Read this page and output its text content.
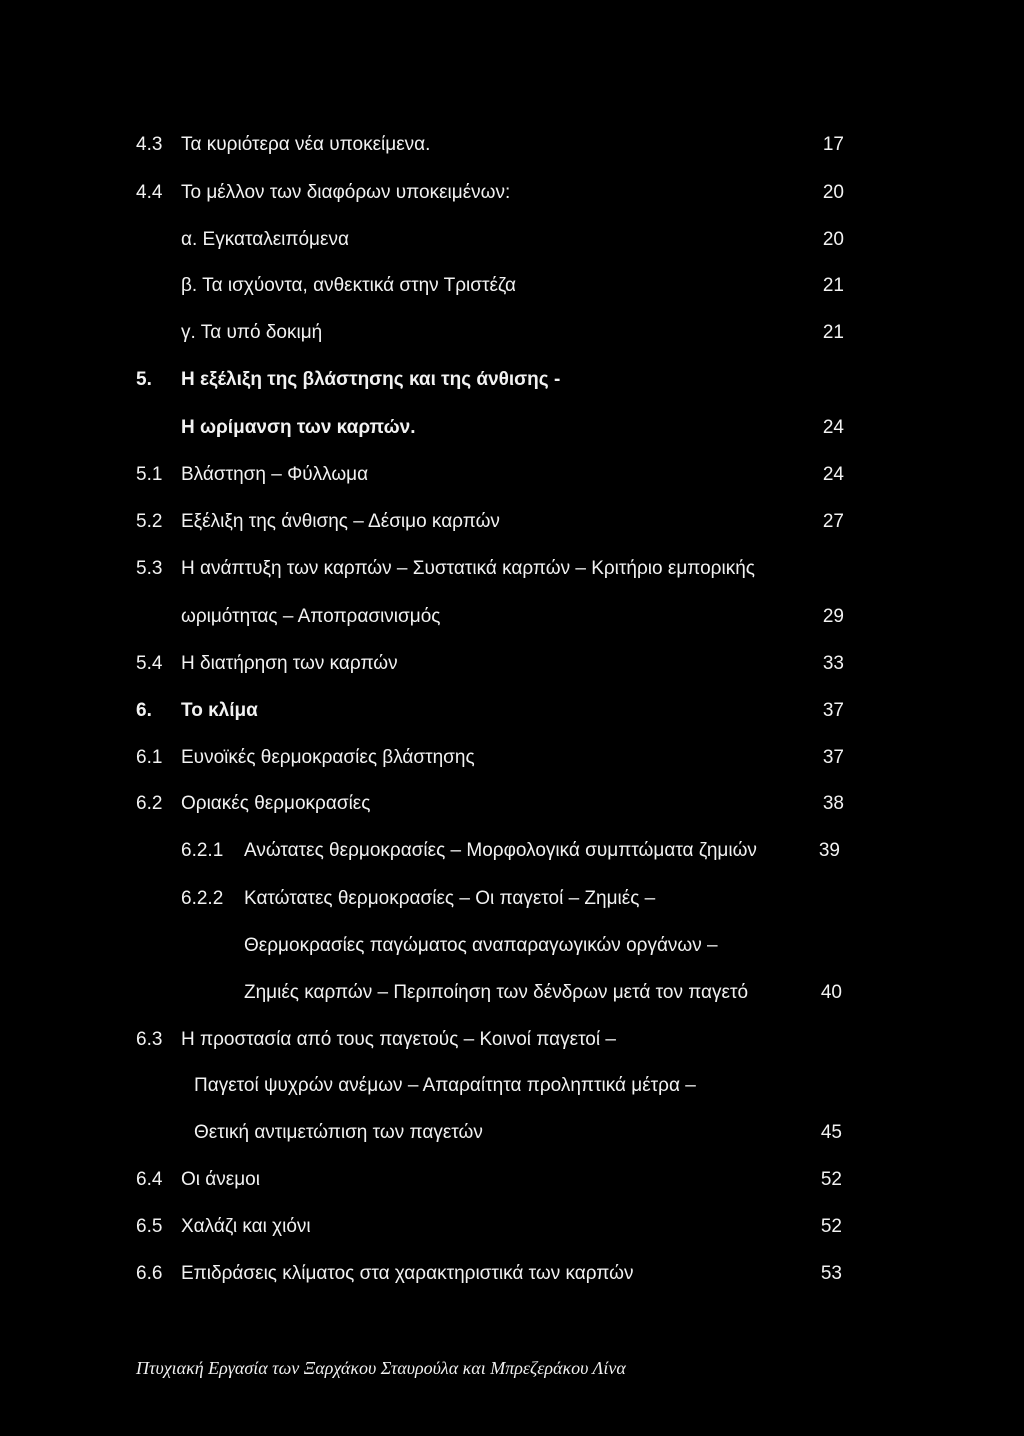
4.3 Τα κυριότερα νέα υποκείμενα.	17
4.4 Το μέλλον των διαφόρων υποκειμένων:	20
α. Εγκαταλειπόμενα	20
β. Τα ισχύοντα, ανθεκτικά στην Τριστέζα	21
γ. Τα υπό δοκιμή	21
5. Η εξέλιξη της βλάστησης και της άνθισης -
Η ωρίμανση των καρπών.	24
5.1 Βλάστηση – Φύλλωμα	24
5.2 Εξέλιξη της άνθισης – Δέσιμο καρπών	27
5.3 Η ανάπτυξη των καρπών – Συστατικά καρπών – Κριτήριο εμπορικής
ωριμότητας – Αποπρασινισμός	29
5.4 Η διατήρηση των καρπών	33
6. Το κλίμα	37
6.1 Ευνοϊκές θερμοκρασίες βλάστησης	37
6.2 Οριακές θερμοκρασίες	38
6.2.1 Ανώτατες θερμοκρασίες – Μορφολογικά συμπτώματα ζημιών	39
6.2.2 Κατώτατες θερμοκρασίες – Οι παγετοί – Ζημιές –
Θερμοκρασίες παγώματος αναπαραγωγικών οργάνων –
Ζημιές καρπών – Περιποίηση των δένδρων μετά τον παγετό	40
6.3 Η προστασία από τους παγετούς – Κοινοί παγετοί –
Παγετοί ψυχρών ανέμων – Απαραίτητα προληπτικά μέτρα –
Θετική αντιμετώπιση των παγετών	45
6.4 Οι άνεμοι	52
6.5 Χαλάζι και χιόνι	52
6.6 Επιδράσεις κλίματος στα χαρακτηριστικά των καρπών	53
Πτυχιακή Εργασία των Ξαρχάκου Σταυρούλα και Μπρεζεράκου Λίνα
